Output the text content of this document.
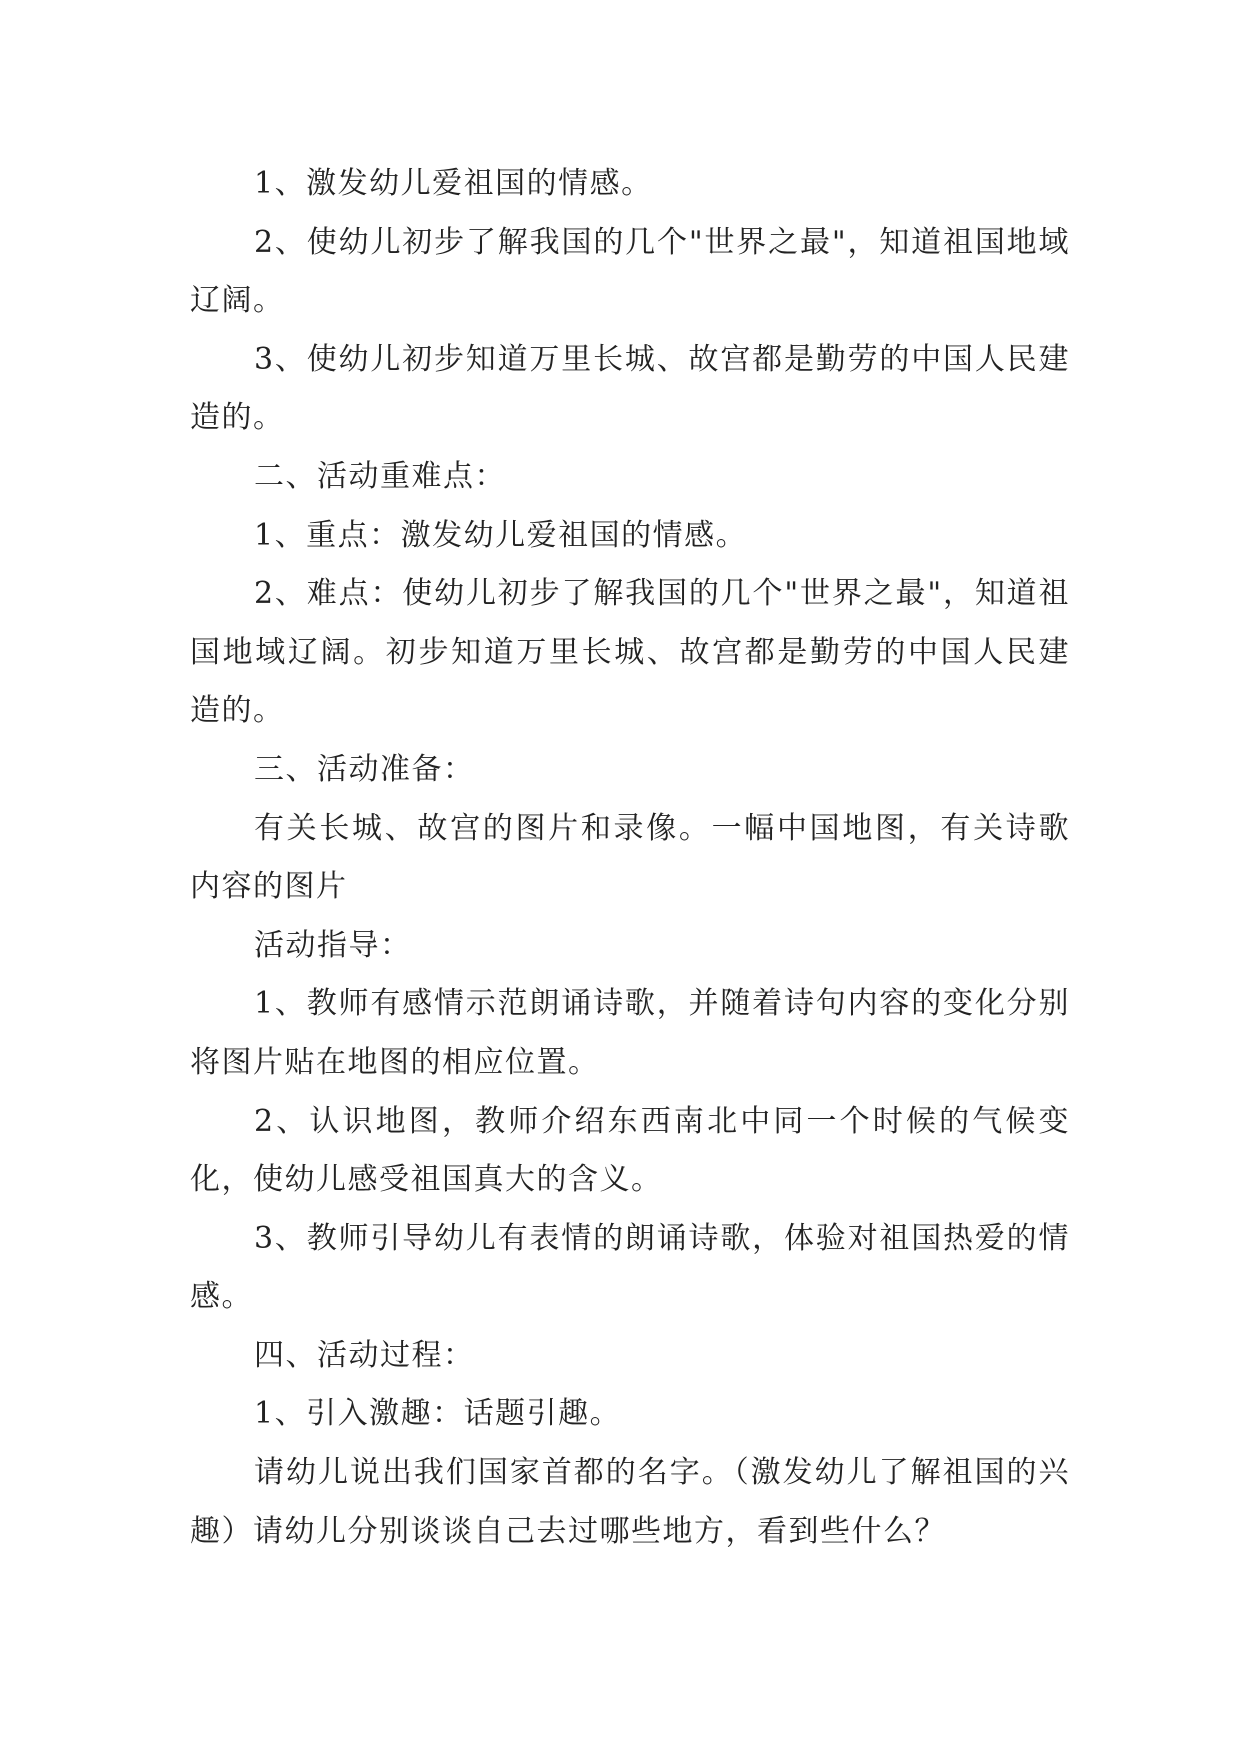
1、激发幼儿爱祖国的情感。

2、使幼儿初步了解我国的几个"世界之最"，知道祖国地域辽阔。

3、使幼儿初步知道万里长城、故宫都是勤劳的中国人民建造的。

二、活动重难点：

1、重点：激发幼儿爱祖国的情感。

2、难点：使幼儿初步了解我国的几个"世界之最"，知道祖国地域辽阔。初步知道万里长城、故宫都是勤劳的中国人民建造的。

三、活动准备：

有关长城、故宫的图片和录像。一幅中国地图，有关诗歌内容的图片

活动指导：

1、教师有感情示范朗诵诗歌，并随着诗句内容的变化分别将图片贴在地图的相应位置。

2、认识地图，教师介绍东西南北中同一个时候的气候变化，使幼儿感受祖国真大的含义。

3、教师引导幼儿有表情的朗诵诗歌，体验对祖国热爱的情感。

四、活动过程：

1、引入激趣：话题引趣。

请幼儿说出我们国家首都的名字。（激发幼儿了解祖国的兴趣）请幼儿分别谈谈自己去过哪些地方，看到些什么？
